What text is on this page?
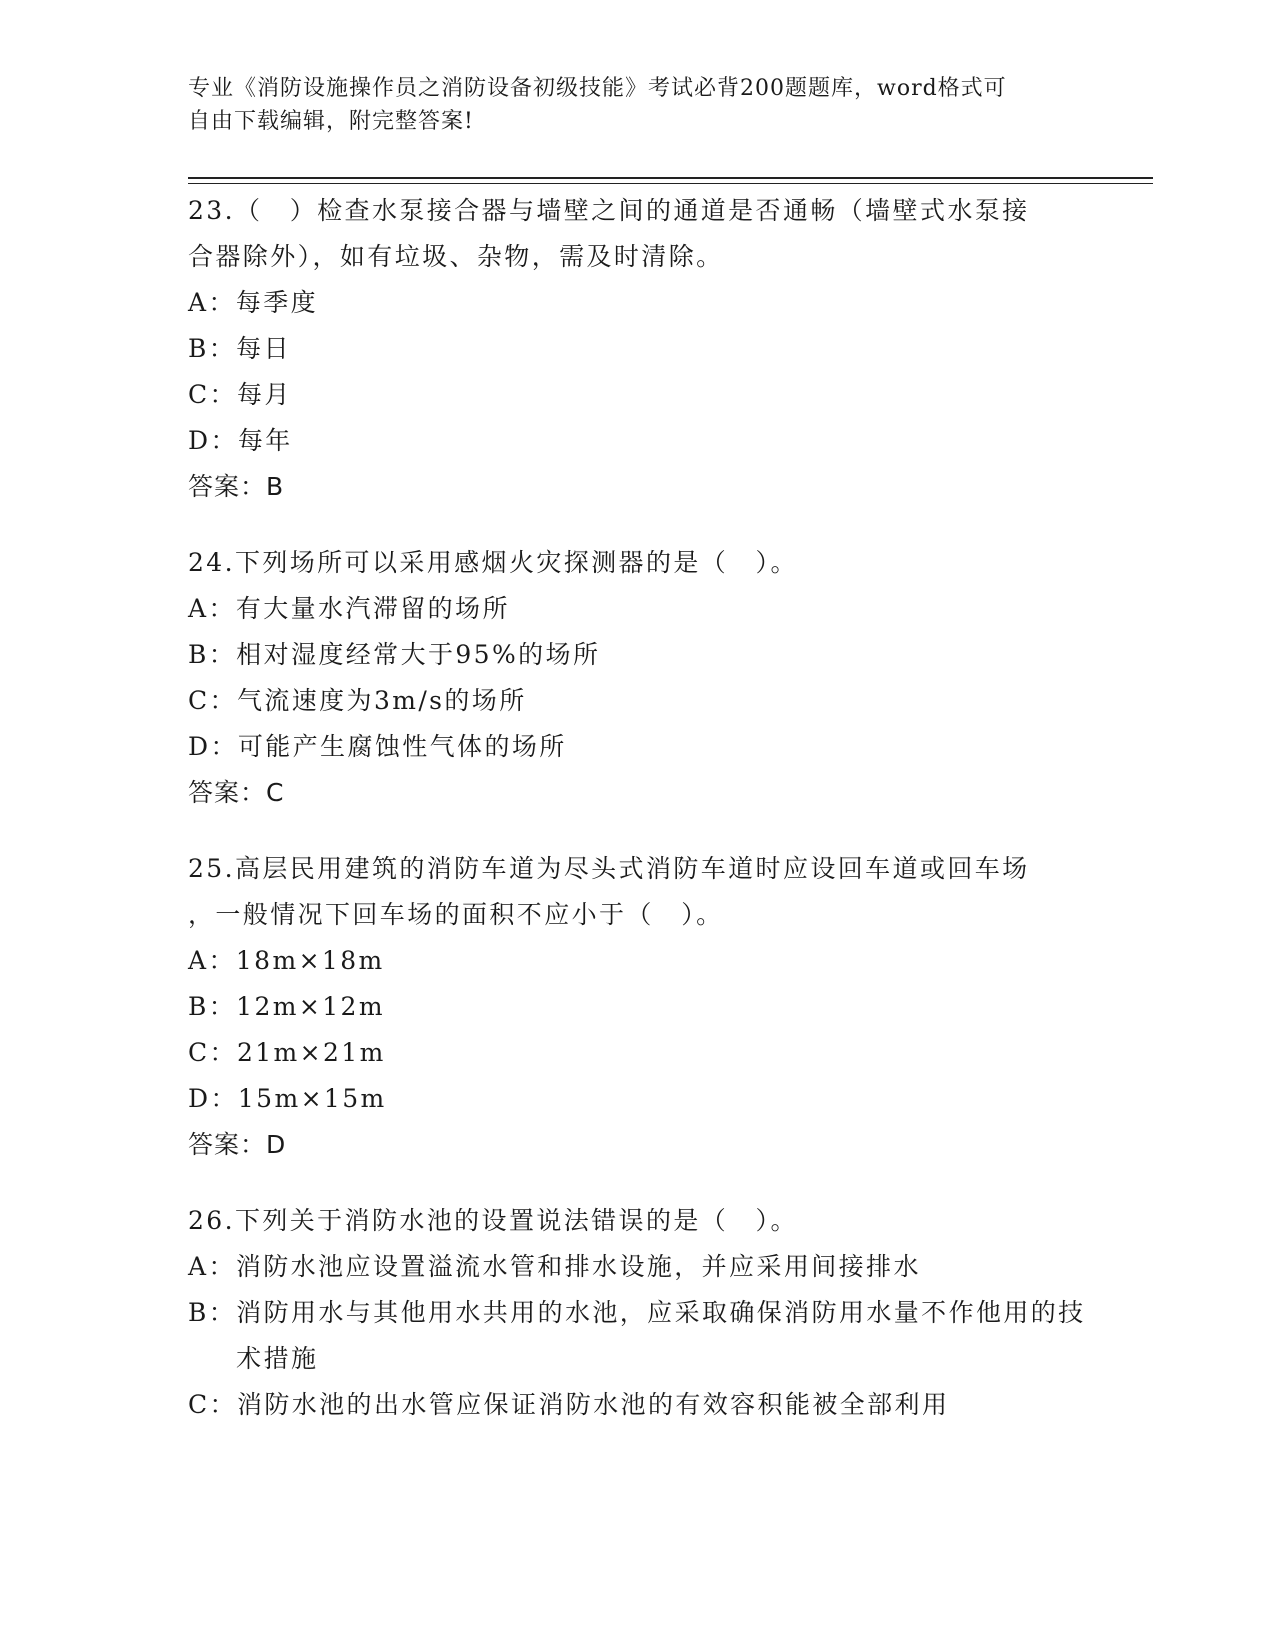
专业《消防设施操作员之消防设备初级技能》考试必背200题题库，word格式可
自由下载编辑，附完整答案!

23.（　）检查水泵接合器与墙壁之间的通道是否通畅（墙壁式水泵接
合器除外），如有垃圾、杂物，需及时清除。

A： 每季度

B： 每日

C： 每月

D： 每年

答案：B

24.下列场所可以采用感烟火灾探测器的是（　）。

A： 有大量水汽滞留的场所

B： 相对湿度经常大于95%的场所

C： 气流速度为3m/s的场所

D： 可能产生腐蚀性气体的场所

答案：C

25.高层民用建筑的消防车道为尽头式消防车道时应设回车道或回车场
，一般情况下回车场的面积不应小于（　）。

A： 18m×18m

B： 12m×12m

C： 21m×21m

D： 15m×15m

答案：D

26.下列关于消防水池的设置说法错误的是（　）。

A： 消防水池应设置溢流水管和排水设施，并应采用间接排水

B： 消防用水与其他用水共用的水池，应采取确保消防用水量不作他用的技术措施

C： 消防水池的出水管应保证消防水池的有效容积能被全部利用
